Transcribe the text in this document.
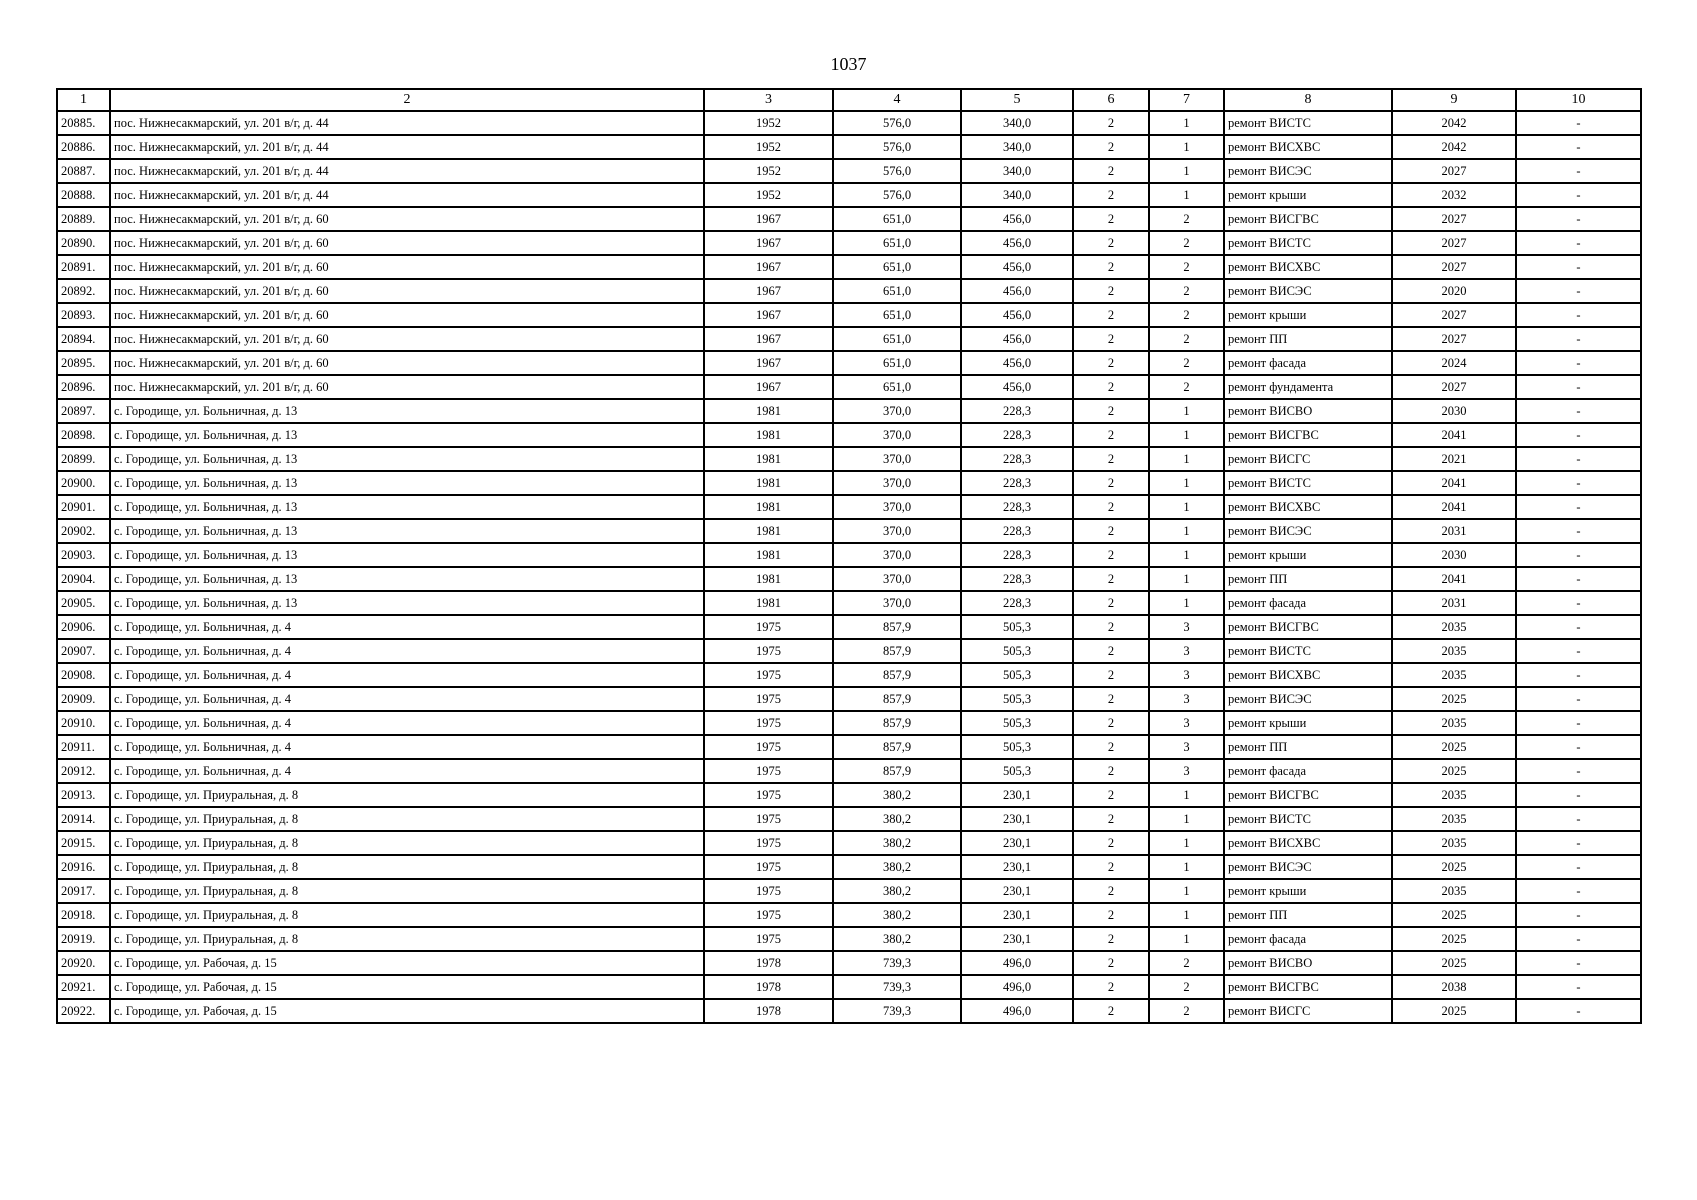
1037
1	2	3	4	5	6	7	8	9	10
20885.	пос. Нижнесакмарский, ул. 201 в/г, д. 44	1952	576,0	340,0	2	1	ремонт ВИСТС	2042	-
20886.	пос. Нижнесакмарский, ул. 201 в/г, д. 44	1952	576,0	340,0	2	1	ремонт ВИСХВС	2042	-
20887.	пос. Нижнесакмарский, ул. 201 в/г, д. 44	1952	576,0	340,0	2	1	ремонт ВИСЭС	2027	-
20888.	пос. Нижнесакмарский, ул. 201 в/г, д. 44	1952	576,0	340,0	2	1	ремонт крыши	2032	-
20889.	пос. Нижнесакмарский, ул. 201 в/г, д. 60	1967	651,0	456,0	2	2	ремонт ВИСГВС	2027	-
20890.	пос. Нижнесакмарский, ул. 201 в/г, д. 60	1967	651,0	456,0	2	2	ремонт ВИСТС	2027	-
20891.	пос. Нижнесакмарский, ул. 201 в/г, д. 60	1967	651,0	456,0	2	2	ремонт ВИСХВС	2027	-
20892.	пос. Нижнесакмарский, ул. 201 в/г, д. 60	1967	651,0	456,0	2	2	ремонт ВИСЭС	2020	-
20893.	пос. Нижнесакмарский, ул. 201 в/г, д. 60	1967	651,0	456,0	2	2	ремонт крыши	2027	-
20894.	пос. Нижнесакмарский, ул. 201 в/г, д. 60	1967	651,0	456,0	2	2	ремонт ПП	2027	-
20895.	пос. Нижнесакмарский, ул. 201 в/г, д. 60	1967	651,0	456,0	2	2	ремонт фасада	2024	-
20896.	пос. Нижнесакмарский, ул. 201 в/г, д. 60	1967	651,0	456,0	2	2	ремонт фундамента	2027	-
20897.	с. Городище, ул. Больничная, д. 13	1981	370,0	228,3	2	1	ремонт ВИСВО	2030	-
20898.	с. Городище, ул. Больничная, д. 13	1981	370,0	228,3	2	1	ремонт ВИСГВС	2041	-
20899.	с. Городище, ул. Больничная, д. 13	1981	370,0	228,3	2	1	ремонт ВИСГС	2021	-
20900.	с. Городище, ул. Больничная, д. 13	1981	370,0	228,3	2	1	ремонт ВИСТС	2041	-
20901.	с. Городище, ул. Больничная, д. 13	1981	370,0	228,3	2	1	ремонт ВИСХВС	2041	-
20902.	с. Городище, ул. Больничная, д. 13	1981	370,0	228,3	2	1	ремонт ВИСЭС	2031	-
20903.	с. Городище, ул. Больничная, д. 13	1981	370,0	228,3	2	1	ремонт крыши	2030	-
20904.	с. Городище, ул. Больничная, д. 13	1981	370,0	228,3	2	1	ремонт ПП	2041	-
20905.	с. Городище, ул. Больничная, д. 13	1981	370,0	228,3	2	1	ремонт фасада	2031	-
20906.	с. Городище, ул. Больничная, д. 4	1975	857,9	505,3	2	3	ремонт ВИСГВС	2035	-
20907.	с. Городище, ул. Больничная, д. 4	1975	857,9	505,3	2	3	ремонт ВИСТС	2035	-
20908.	с. Городище, ул. Больничная, д. 4	1975	857,9	505,3	2	3	ремонт ВИСХВС	2035	-
20909.	с. Городище, ул. Больничная, д. 4	1975	857,9	505,3	2	3	ремонт ВИСЭС	2025	-
20910.	с. Городище, ул. Больничная, д. 4	1975	857,9	505,3	2	3	ремонт крыши	2035	-
20911.	с. Городище, ул. Больничная, д. 4	1975	857,9	505,3	2	3	ремонт ПП	2025	-
20912.	с. Городище, ул. Больничная, д. 4	1975	857,9	505,3	2	3	ремонт фасада	2025	-
20913.	с. Городище, ул. Приуральная, д. 8	1975	380,2	230,1	2	1	ремонт ВИСГВС	2035	-
20914.	с. Городище, ул. Приуральная, д. 8	1975	380,2	230,1	2	1	ремонт ВИСТС	2035	-
20915.	с. Городище, ул. Приуральная, д. 8	1975	380,2	230,1	2	1	ремонт ВИСХВС	2035	-
20916.	с. Городище, ул. Приуральная, д. 8	1975	380,2	230,1	2	1	ремонт ВИСЭС	2025	-
20917.	с. Городище, ул. Приуральная, д. 8	1975	380,2	230,1	2	1	ремонт крыши	2035	-
20918.	с. Городище, ул. Приуральная, д. 8	1975	380,2	230,1	2	1	ремонт ПП	2025	-
20919.	с. Городище, ул. Приуральная, д. 8	1975	380,2	230,1	2	1	ремонт фасада	2025	-
20920.	с. Городище, ул. Рабочая, д. 15	1978	739,3	496,0	2	2	ремонт ВИСВО	2025	-
20921.	с. Городище, ул. Рабочая, д. 15	1978	739,3	496,0	2	2	ремонт ВИСГВС	2038	-
20922.	с. Городище, ул. Рабочая, д. 15	1978	739,3	496,0	2	2	ремонт ВИСГС	2025	-
